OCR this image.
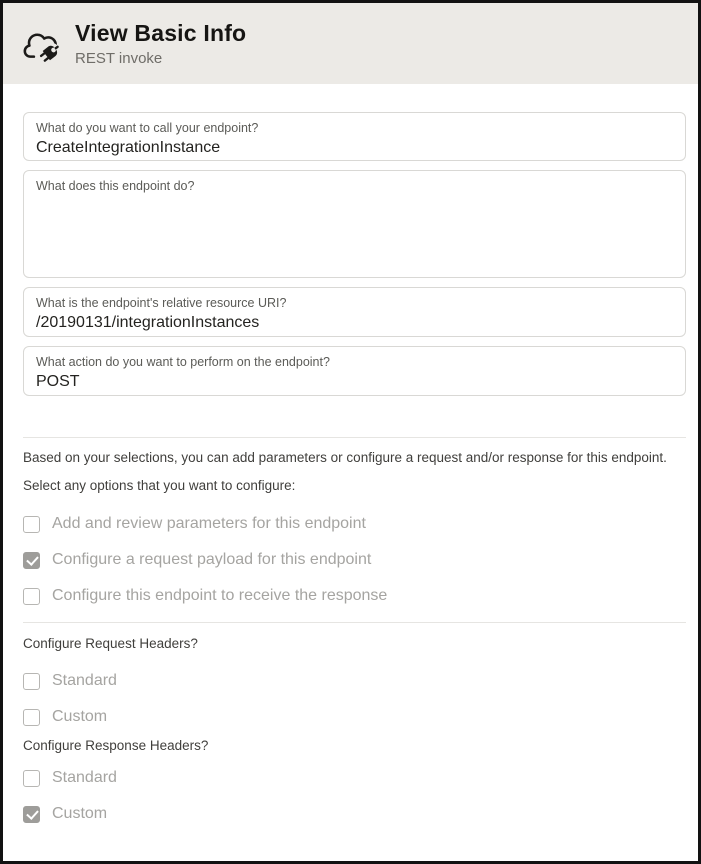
View Basic Info
REST invoke
What do you want to call your endpoint?
CreateIntegrationInstance
What does this endpoint do?
What is the endpoint's relative resource URI?
/20190131/integrationInstances
What action do you want to perform on the endpoint?
POST
Based on your selections, you can add parameters or configure a request and/or response for this endpoint.
Select any options that you want to configure:
Add and review parameters for this endpoint
Configure a request payload for this endpoint
Configure this endpoint to receive the response
Configure Request Headers?
Standard
Custom
Configure Response Headers?
Standard
Custom
